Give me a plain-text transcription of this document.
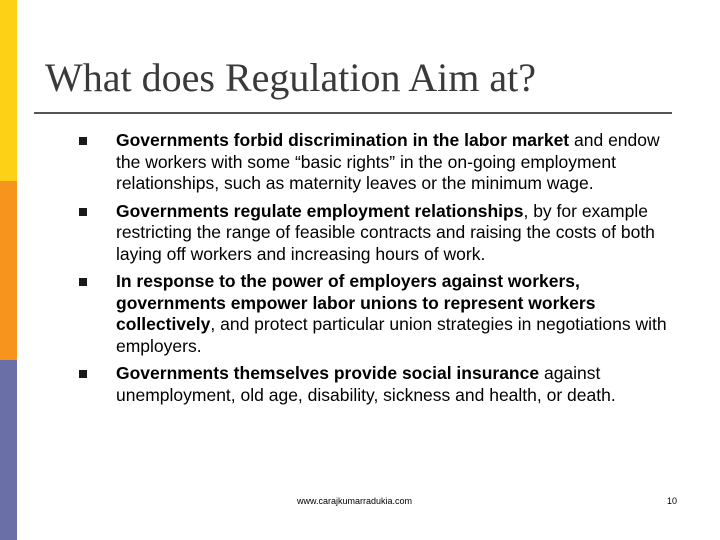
What does Regulation Aim at?
Governments forbid discrimination in the labor market and endow the workers with some “basic rights” in the on-going employment relationships, such as maternity leaves or the minimum wage.
Governments regulate employment relationships, by for example restricting the range of feasible contracts and raising the costs of both laying off workers and increasing hours of work.
In response to the power of employers against workers, governments empower labor unions to represent workers collectively, and protect particular union strategies in negotiations with employers.
Governments themselves provide social insurance against unemployment, old age, disability, sickness and health, or death.
www.carajkumarradukia.com	10
